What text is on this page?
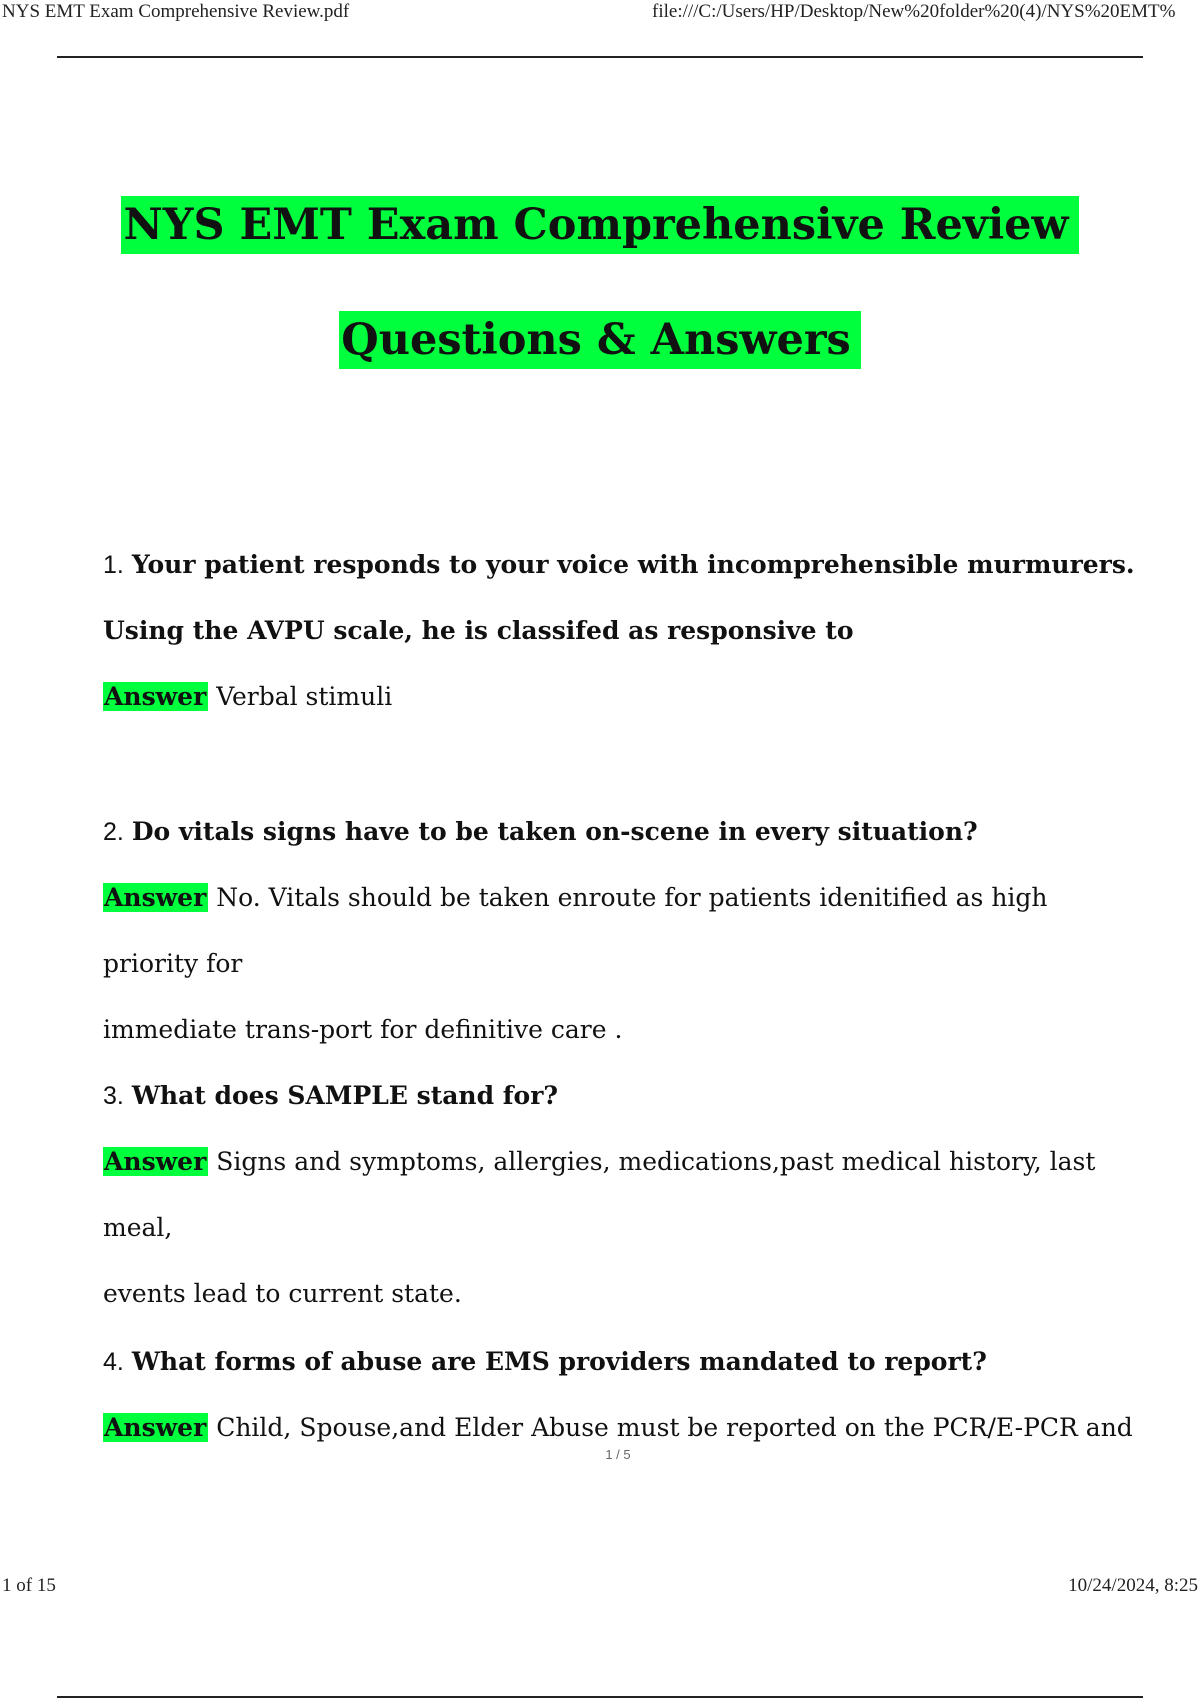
NYS EMT Exam Comprehensive Review.pdf	file:///C:/Users/HP/Desktop/New%20folder%20(4)/NYS%20EMT%
NYS EMT Exam Comprehensive Review
Questions & Answers
1. Your patient responds to your voice with incomprehensible murmurers.
Using the AVPU scale, he is classifed as responsive to
Answer Verbal stimuli
2. Do vitals signs have to be taken on-scene in every situation?
Answer No. Vitals should be taken enroute for patients idenitified as high priority for
immediate trans-port for definitive care .
3. What does SAMPLE stand for?
Answer Signs and symptoms, allergies, medications,past medical history, last meal,
events lead to current state.
4. What forms of abuse are EMS providers mandated to report?
Answer Child, Spouse,and Elder Abuse must be reported on the PCR/E-PCR and
1 / 5
1 of 15	10/24/2024, 8:25
